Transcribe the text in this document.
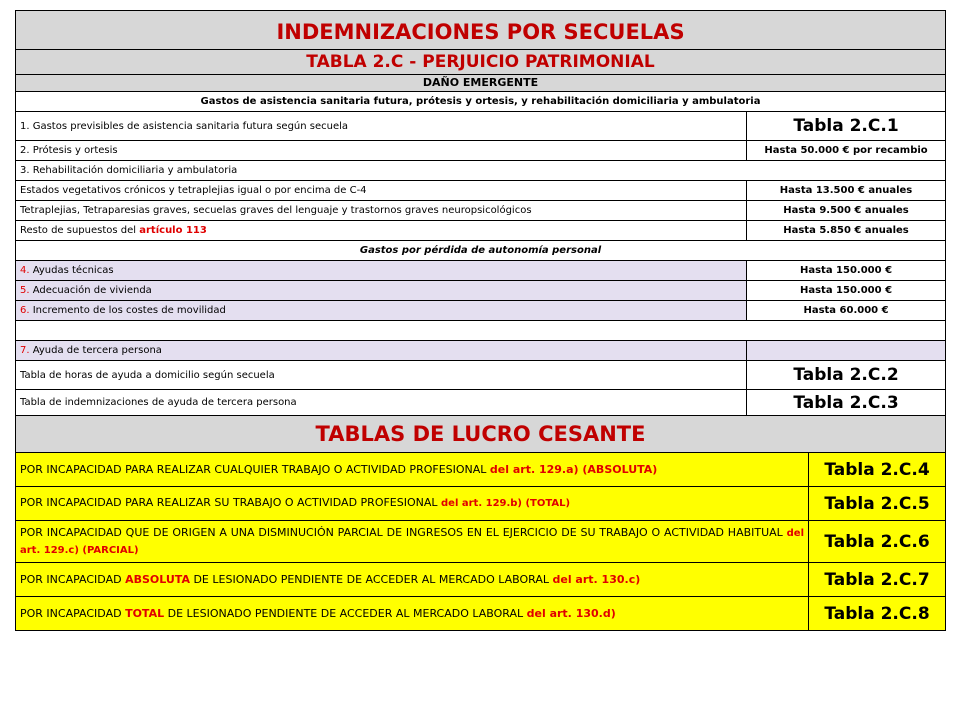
INDEMNIZACIONES POR SECUELAS	
TABLA 2.C - PERJUICIO PATRIMONIAL	
DAÑO EMERGENTE	
Gastos de asistencia sanitaria futura, prótesis y ortesis, y rehabilitación domiciliaria y ambulatoria	
1. Gastos previsibles de asistencia sanitaria futura según secuela	Tabla 2.C.1
2. Prótesis y ortesis	Hasta 50.000 € por recambio
3. Rehabilitación domiciliaria y ambulatoria	
Estados vegetativos crónicos y tetraplejias igual o por encima de C-4	Hasta 13.500 € anuales
Tetraplejias, Tetraparesias graves, secuelas graves del lenguaje y trastornos graves neuropsicológicos	Hasta 9.500 € anuales
Resto de supuestos del artículo 113	Hasta 5.850 € anuales
Gastos por pérdida de autonomía personal	
4. Ayudas técnicas	Hasta 150.000 €
5. Adecuación de vivienda	Hasta 150.000 €
6. Incremento de los costes de movilidad	Hasta 60.000 €

7. Ayuda de tercera persona	
Tabla de horas de ayuda a domicilio según secuela	Tabla 2.C.2
Tabla de indemnizaciones de ayuda de tercera persona	Tabla 2.C.3
TABLAS DE LUCRO CESANTE	
POR INCAPACIDAD PARA REALIZAR CUALQUIER TRABAJO O ACTIVIDAD PROFESIONAL del art. 129.a) (ABSOLUTA)	Tabla 2.C.4
POR INCAPACIDAD PARA REALIZAR SU TRABAJO O ACTIVIDAD PROFESIONAL del art. 129.b) (TOTAL)	Tabla 2.C.5
POR INCAPACIDAD QUE DE ORIGEN A UNA DISMINUCIÓN PARCIAL DE INGRESOS EN EL EJERCICIO DE SU TRABAJO O ACTIVIDAD HABITUAL del art. 129.c) (PARCIAL)	Tabla 2.C.6
POR INCAPACIDAD ABSOLUTA DE LESIONADO PENDIENTE DE ACCEDER AL MERCADO LABORAL del art. 130.c)	Tabla 2.C.7
POR INCAPACIDAD TOTAL DE LESIONADO PENDIENTE DE ACCEDER AL MERCADO LABORAL del art. 130.d)	Tabla 2.C.8
